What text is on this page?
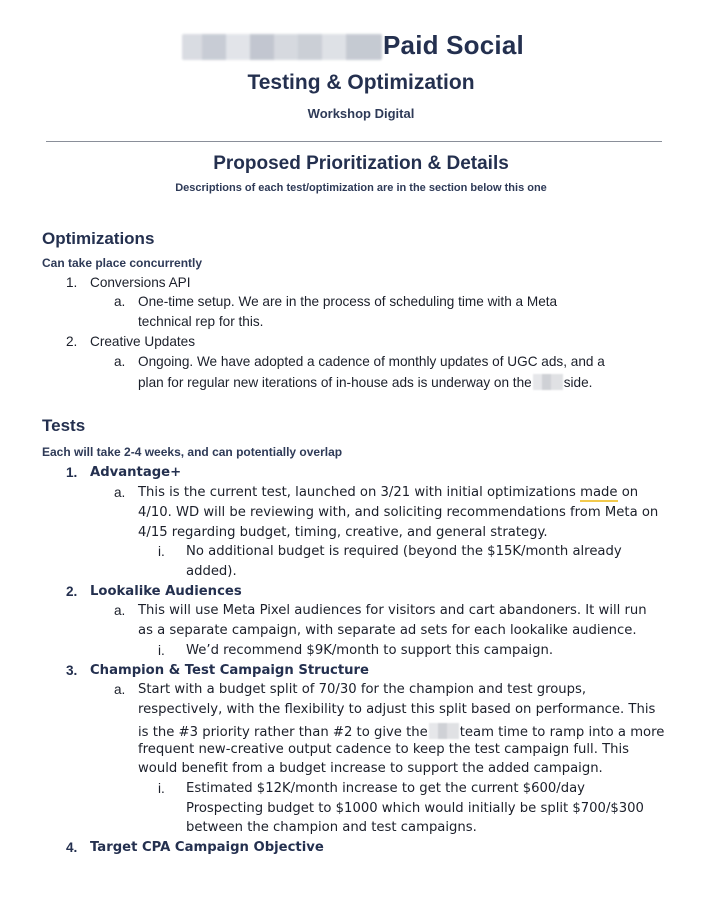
Paid Social
Testing & Optimization
Workshop Digital
Proposed Prioritization & Details
Descriptions of each test/optimization are in the section below this one
Optimizations
Can take place concurrently
1. Conversions API
a. One-time setup. We are in the process of scheduling time with a Meta
technical rep for this.
2. Creative Updates
a. Ongoing. We have adopted a cadence of monthly updates of UGC ads, and a
plan for regular new iterations of in-house ads is underway on the side.
Tests
Each will take 2-4 weeks, and can potentially overlap
1. Advantage+
a. This is the current test, launched on 3/21 with initial optimizations made on
4/10. WD will be reviewing with, and soliciting recommendations from Meta on
4/15 regarding budget, timing, creative, and general strategy.
i. No additional budget is required (beyond the $15K/month already
added).
2. Lookalike Audiences
a. This will use Meta Pixel audiences for visitors and cart abandoners. It will run
as a separate campaign, with separate ad sets for each lookalike audience.
i. We’d recommend $9K/month to support this campaign.
3. Champion & Test Campaign Structure
a. Start with a budget split of 70/30 for the champion and test groups,
respectively, with the flexibility to adjust this split based on performance. This
is the #3 priority rather than #2 to give the team time to ramp into a more
frequent new-creative output cadence to keep the test campaign full. This
would benefit from a budget increase to support the added campaign.
i. Estimated $12K/month increase to get the current $600/day
Prospecting budget to $1000 which would initially be split $700/$300
between the champion and test campaigns.
4. Target CPA Campaign Objective
